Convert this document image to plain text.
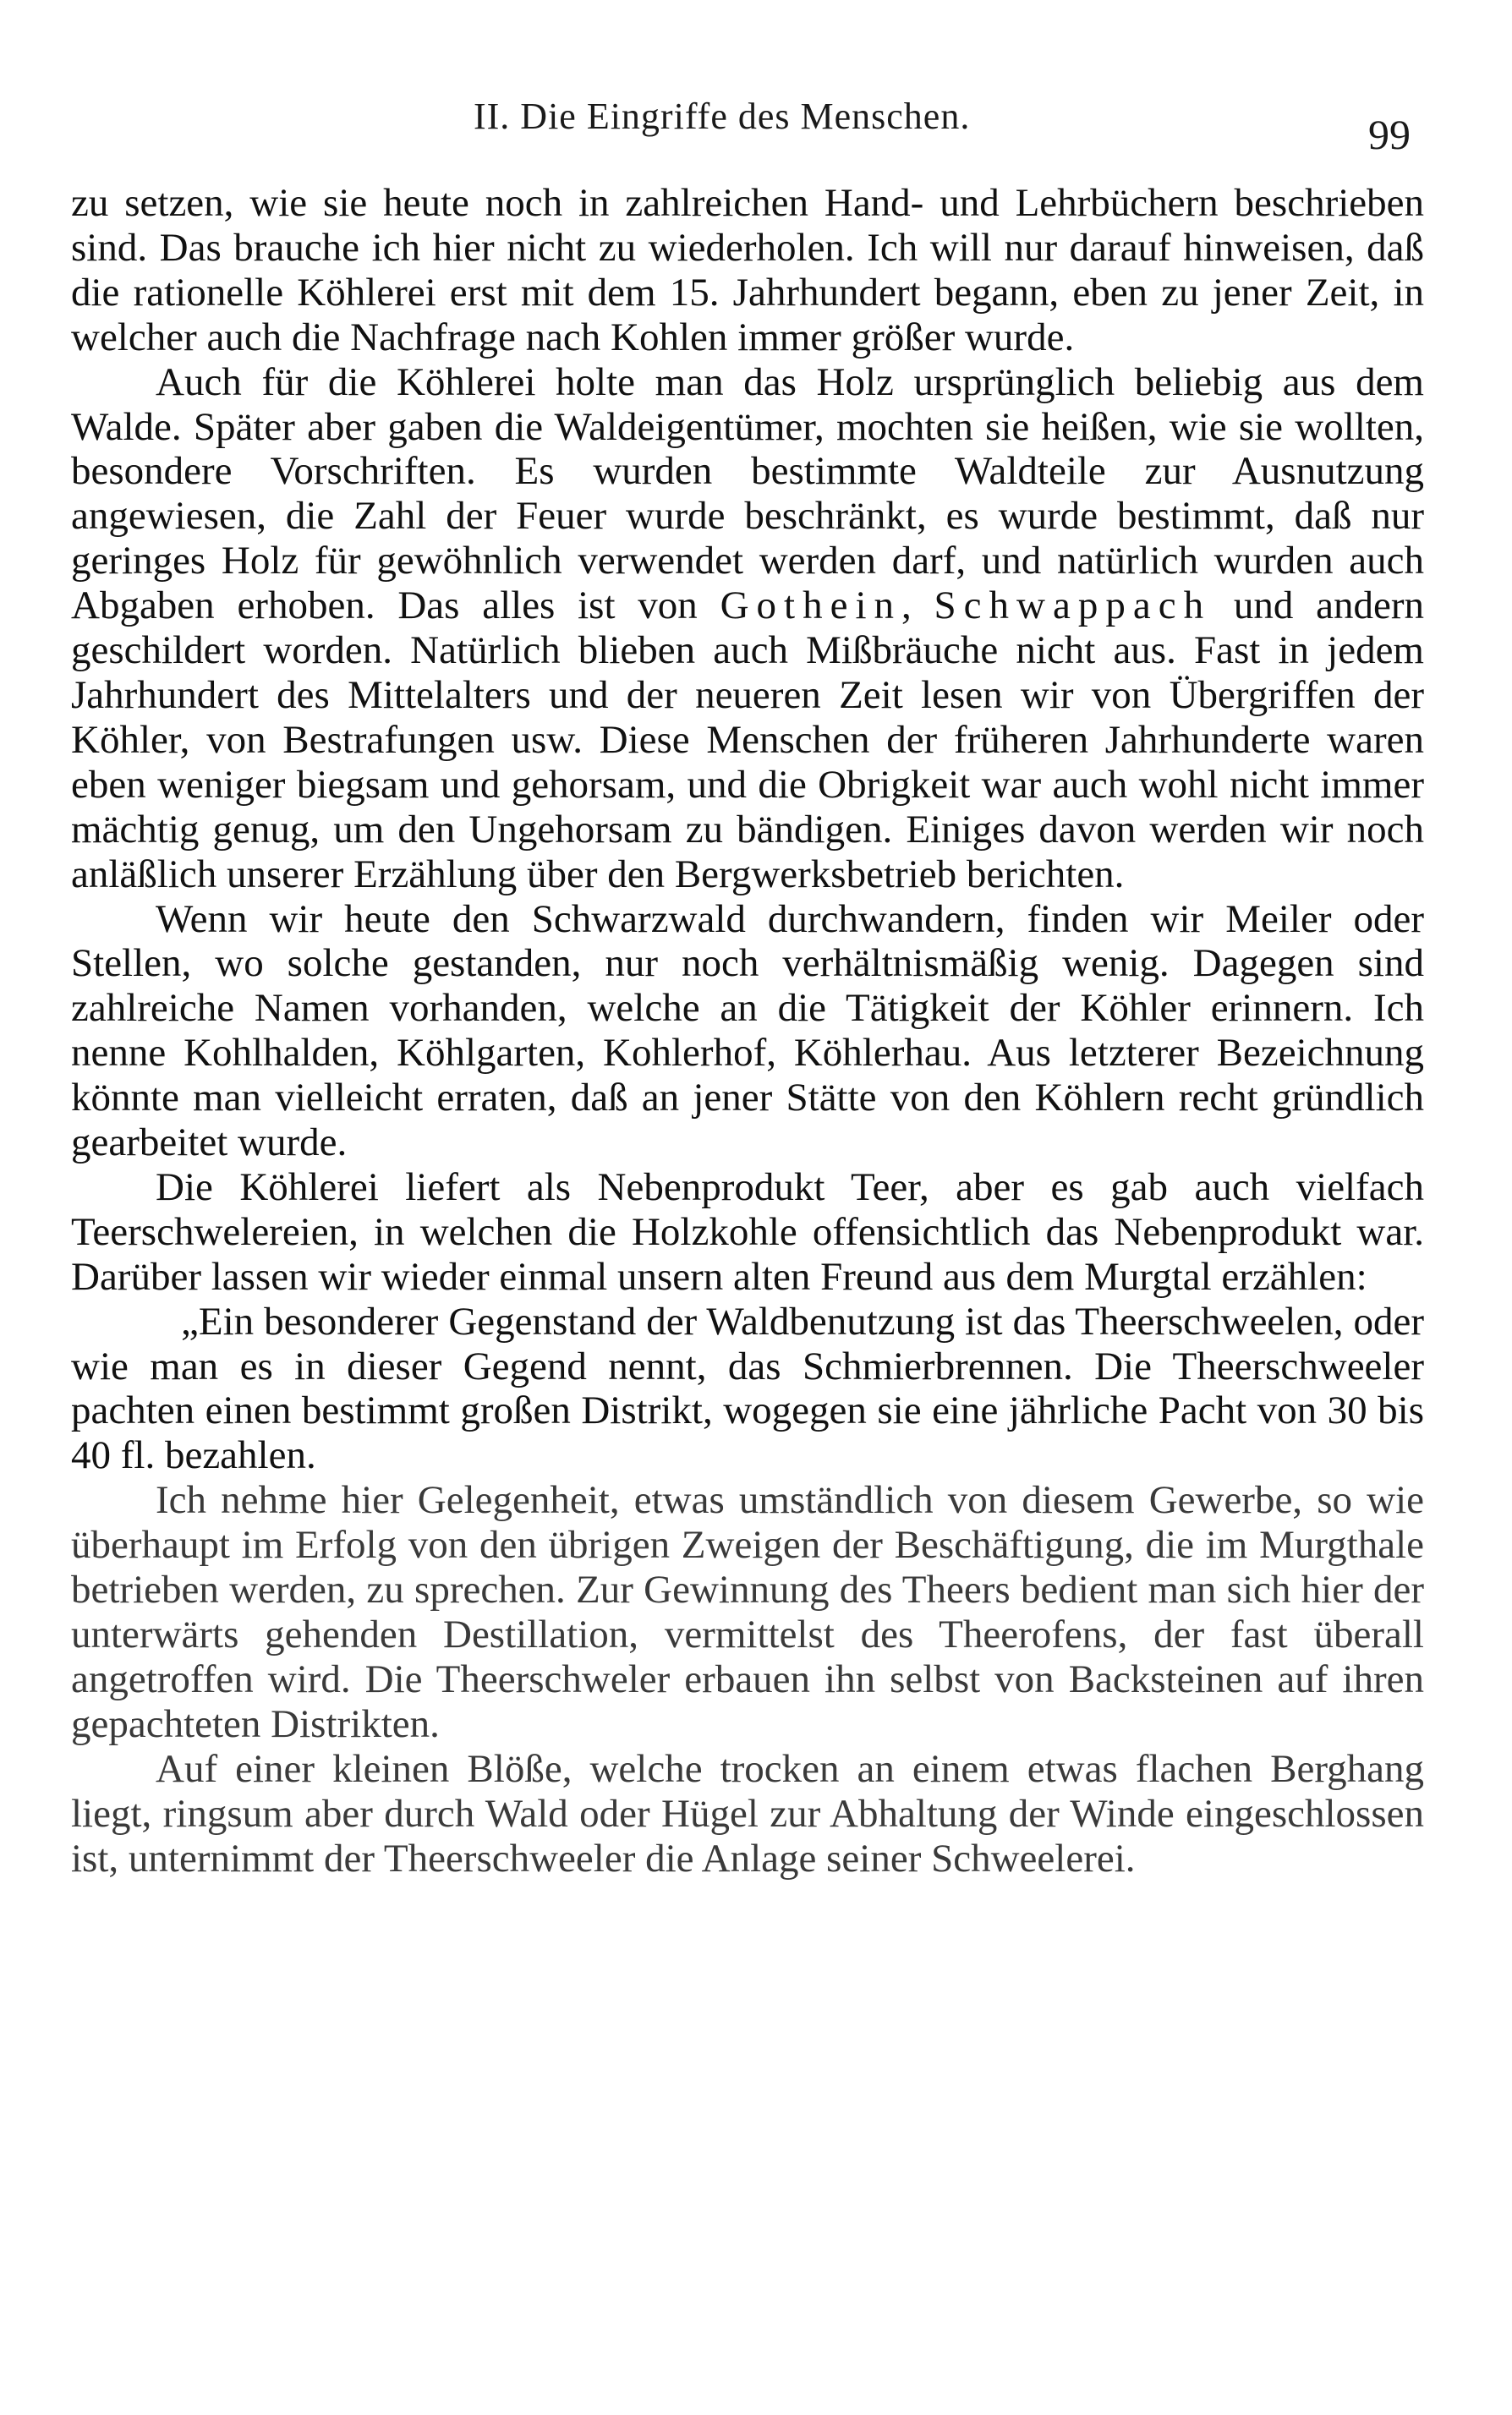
II. Die Eingriffe des Menschen.	99

zu setzen, wie sie heute noch in zahlreichen Hand- und Lehrbüchern beschrieben sind. Das brauche ich hier nicht zu wiederholen. Ich will nur darauf hinweisen, daß die rationelle Köhlerei erst mit dem 15. Jahrhundert begann, eben zu jener Zeit, in welcher auch die Nachfrage nach Kohlen immer größer wurde.

Auch für die Köhlerei holte man das Holz ursprünglich beliebig aus dem Walde. Später aber gaben die Waldeigentümer, mochten sie heißen, wie sie wollten, besondere Vorschriften. Es wurden bestimmte Waldteile zur Ausnutzung angewiesen, die Zahl der Feuer wurde beschränkt, es wurde bestimmt, daß nur geringes Holz für gewöhnlich verwendet werden darf, und natürlich wurden auch Abgaben erhoben. Das alles ist von Gothein, Schwappach und andern geschildert worden. Natürlich blieben auch Mißbräuche nicht aus. Fast in jedem Jahrhundert des Mittelalters und der neueren Zeit lesen wir von Übergriffen der Köhler, von Bestrafungen usw. Diese Menschen der früheren Jahrhunderte waren eben weniger biegsam und gehorsam, und die Obrigkeit war auch wohl nicht immer mächtig genug, um den Ungehorsam zu bändigen. Einiges davon werden wir noch anläßlich unserer Erzählung über den Bergwerksbetrieb berichten.

Wenn wir heute den Schwarzwald durchwandern, finden wir Meiler oder Stellen, wo solche gestanden, nur noch verhältnismäßig wenig. Dagegen sind zahlreiche Namen vorhanden, welche an die Tätigkeit der Köhler erinnern. Ich nenne Kohlhalden, Köhlgarten, Kohlerhof, Köhlerhau. Aus letzterer Bezeichnung könnte man vielleicht erraten, daß an jener Stätte von den Köhlern recht gründlich gearbeitet wurde.

Die Köhlerei liefert als Nebenprodukt Teer, aber es gab auch vielfach Teerschwelereien, in welchen die Holzkohle offensichtlich das Nebenprodukt war. Darüber lassen wir wieder einmal unsern alten Freund aus dem Murgtal erzählen:

„Ein besonderer Gegenstand der Waldbenutzung ist das Theerschweelen, oder wie man es in dieser Gegend nennt, das Schmierbrennen. Die Theerschweeler pachten einen bestimmt großen Distrikt, wogegen sie eine jährliche Pacht von 30 bis 40 fl. bezahlen.

Ich nehme hier Gelegenheit, etwas umständlich von diesem Gewerbe, so wie überhaupt im Erfolg von den übrigen Zweigen der Beschäftigung, die im Murgthale betrieben werden, zu sprechen. Zur Gewinnung des Theers bedient man sich hier der unterwärts gehenden Destillation, vermittelst des Theerofens, der fast überall angetroffen wird. Die Theerschweler erbauen ihn selbst von Backsteinen auf ihren gepachteten Distrikten.

Auf einer kleinen Blöße, welche trocken an einem etwas flachen Berghang liegt, ringsum aber durch Wald oder Hügel zur Abhaltung der Winde eingeschlossen ist, unternimmt der Theerschweeler die Anlage seiner Schweelerei.
